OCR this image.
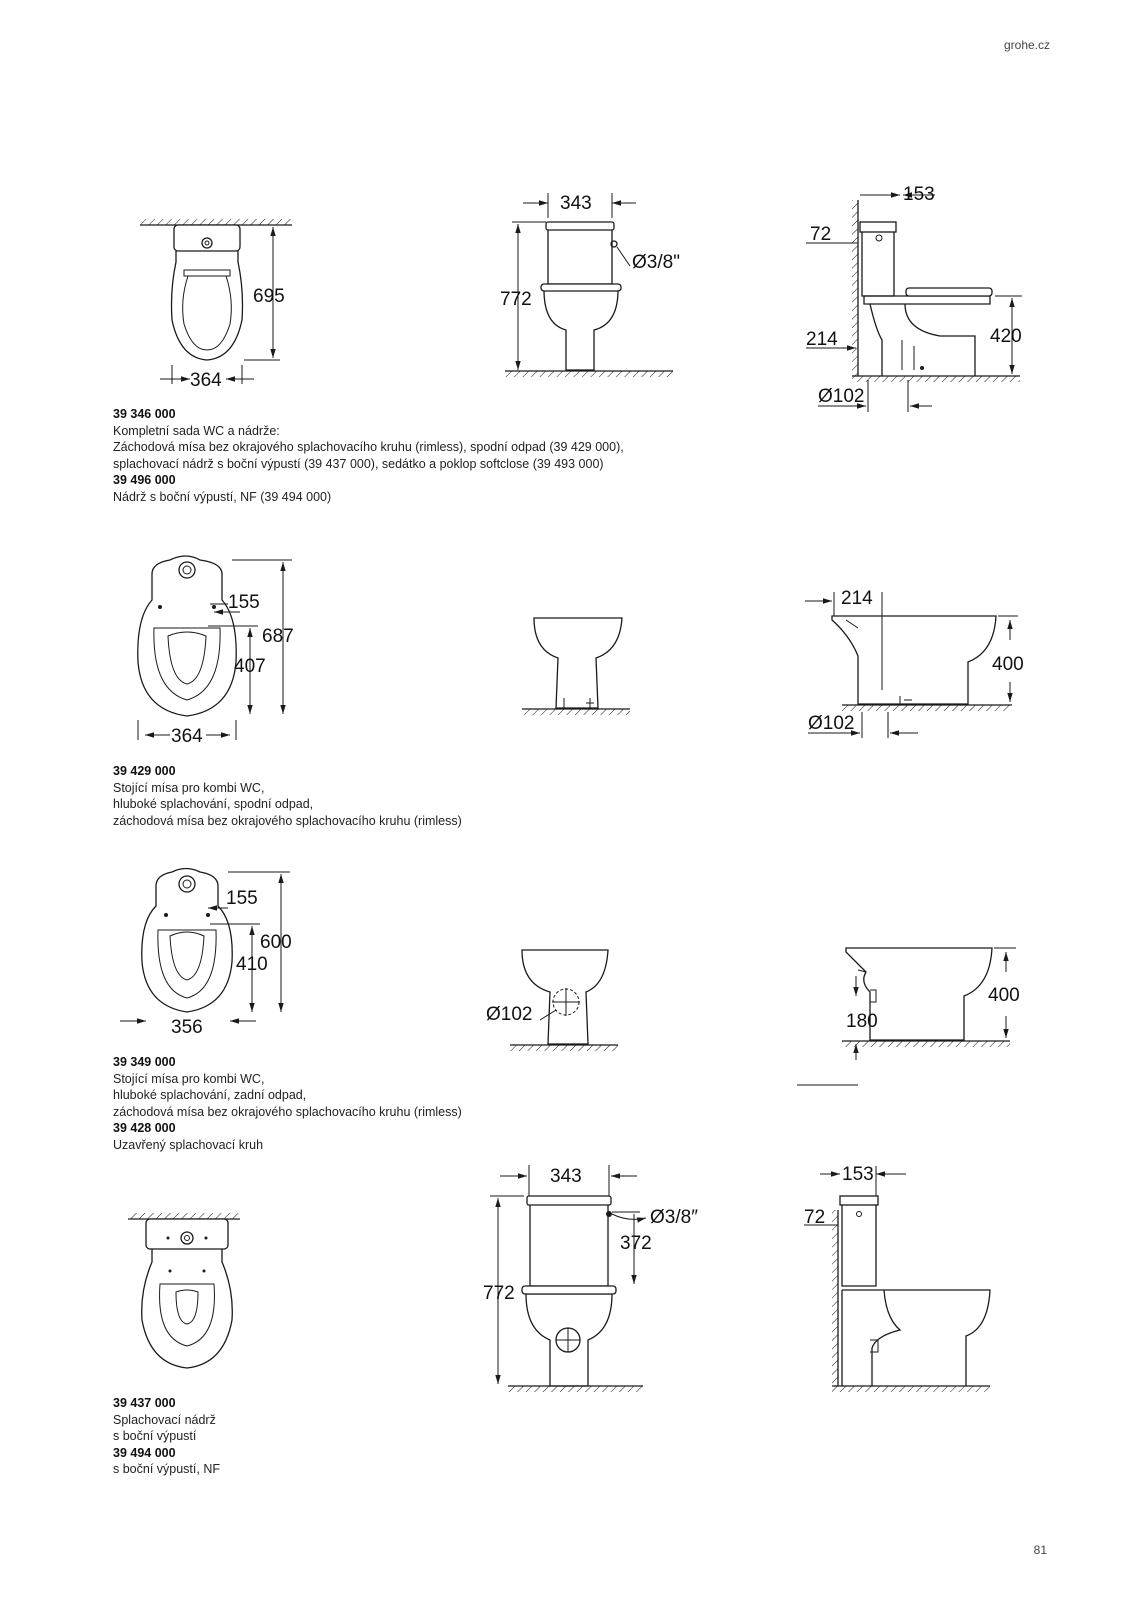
grohe.cz
695
364
343
Ø3/8"
772
153
72
420
214
Ø102
155
687
407
364
214
400
Ø102
155
600
410
356
Ø102
400
180
343
Ø3/8″
372
772
153
72
39 346 000
Kompletní sada WC a nádrže:
Záchodová mísa bez okrajového splachovacího kruhu (rimless), spodní odpad (39 429 000),
splachovací nádrž s boční výpustí (39 437 000), sedátko a poklop softclose (39 493 000)
39 496 000
Nádrž s boční výpustí, NF (39 494 000)
39 429 000
Stojící mísa pro kombi WC,
hluboké splachování, spodní odpad,
záchodová mísa bez okrajového splachovacího kruhu (rimless)
39 349 000
Stojící mísa pro kombi WC,
hluboké splachování, zadní odpad,
záchodová mísa bez okrajového splachovacího kruhu (rimless)
39 428 000
Uzavřený splachovací kruh
39 437 000
Splachovací nádrž
s boční výpustí
39 494 000
s boční výpustí, NF
81
